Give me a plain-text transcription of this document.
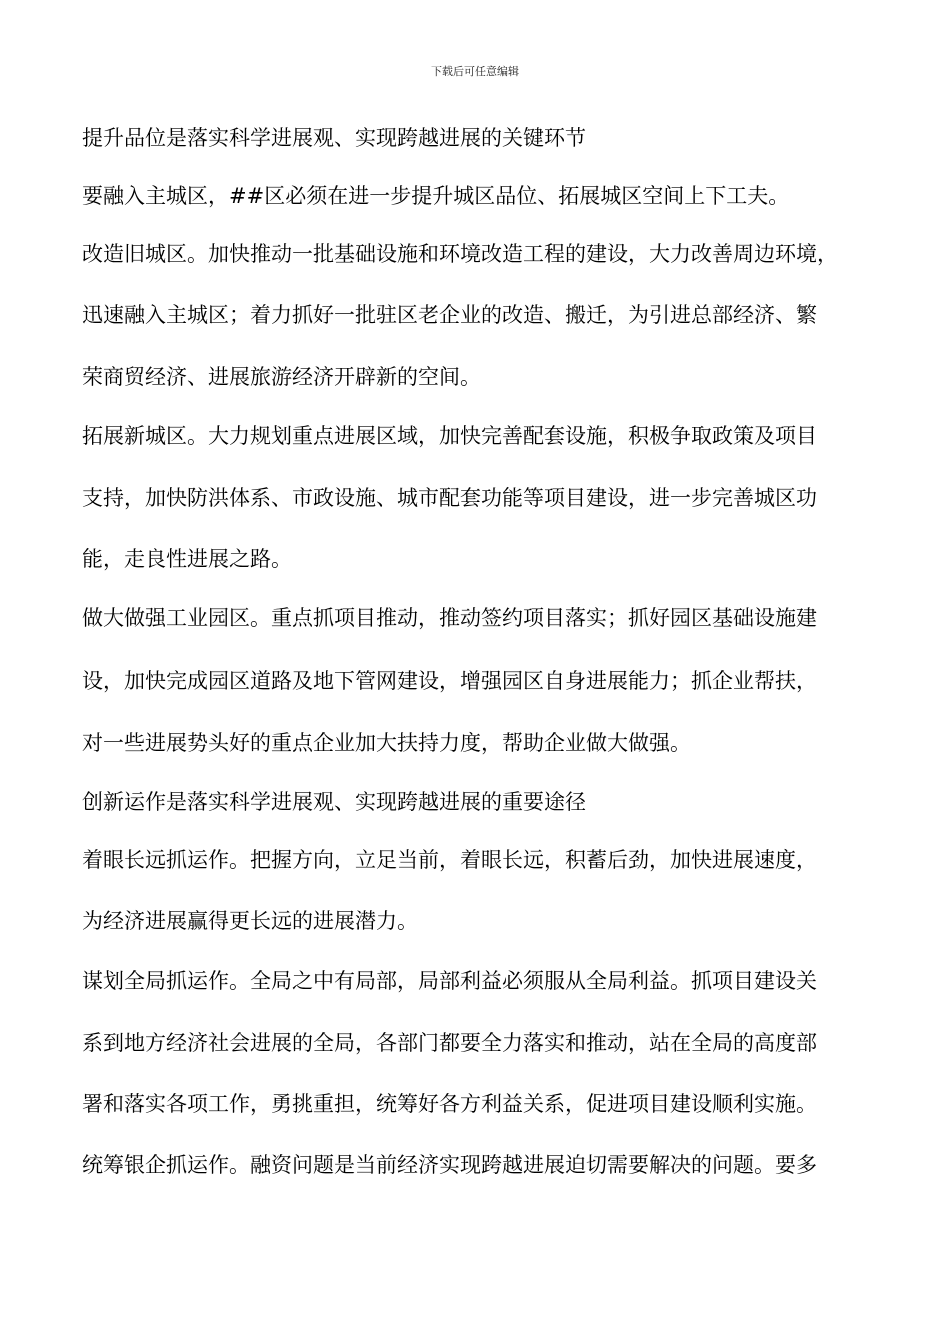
下载后可任意编辑
提升品位是落实科学进展观、实现跨越进展的关键环节
要融入主城区，##区必须在进一步提升城区品位、拓展城区空间上下工夫。
改造旧城区。加快推动一批基础设施和环境改造工程的建设，大力改善周边环境，
迅速融入主城区；着力抓好一批驻区老企业的改造、搬迁，为引进总部经济、繁
荣商贸经济、进展旅游经济开辟新的空间。
拓展新城区。大力规划重点进展区域，加快完善配套设施，积极争取政策及项目
支持，加快防洪体系、市政设施、城市配套功能等项目建设，进一步完善城区功
能，走良性进展之路。
做大做强工业园区。重点抓项目推动，推动签约项目落实；抓好园区基础设施建
设，加快完成园区道路及地下管网建设，增强园区自身进展能力；抓企业帮扶，
对一些进展势头好的重点企业加大扶持力度，帮助企业做大做强。
创新运作是落实科学进展观、实现跨越进展的重要途径
着眼长远抓运作。把握方向，立足当前，着眼长远，积蓄后劲，加快进展速度，
为经济进展赢得更长远的进展潜力。
谋划全局抓运作。全局之中有局部，局部利益必须服从全局利益。抓项目建设关
系到地方经济社会进展的全局，各部门都要全力落实和推动，站在全局的高度部
署和落实各项工作，勇挑重担，统筹好各方利益关系，促进项目建设顺利实施。
统筹银企抓运作。融资问题是当前经济实现跨越进展迫切需要解决的问题。要多
